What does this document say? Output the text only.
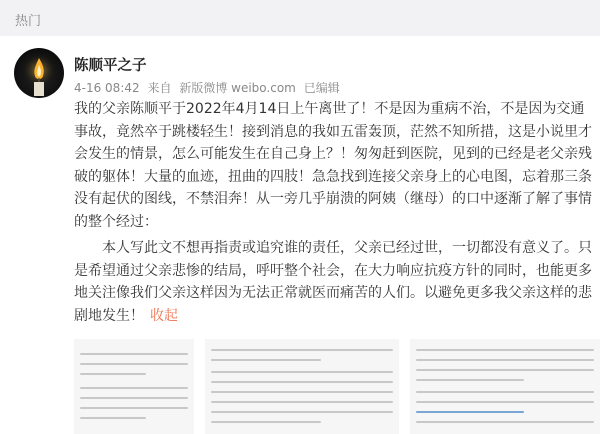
热门
陈顺平之子
4-16 08:42 来自 新版微博 weibo.com 已编辑

我的父亲陈顺平于2022年4月14日上午离世了！不是因为重病不治，不是因为交通事故，竟然卒于跳楼轻生！接到消息的我如五雷轰顶，茫然不知所措，这是小说里才会发生的情景，怎么可能发生在自己身上？！匆匆赶到医院，见到的已经是老父亲残破的躯体！大量的血迹，扭曲的四肢！急急找到连接父亲身上的心电图，忘着那三条没有起伏的图线，不禁泪奔！从一旁几乎崩溃的阿姨（继母）的口中逐渐了解了事情的整个经过：

本人写此文不想再指责或追究谁的责任，父亲已经过世，一切都没有意义了。只是希望通过父亲悲惨的结局，呼吁整个社会，在大力响应抗疫方针的同时，也能更多地关注像我们父亲这样因为无法正常就医而痛苦的人们。以避免更多我父亲这样的悲剧地发生！ 收起
